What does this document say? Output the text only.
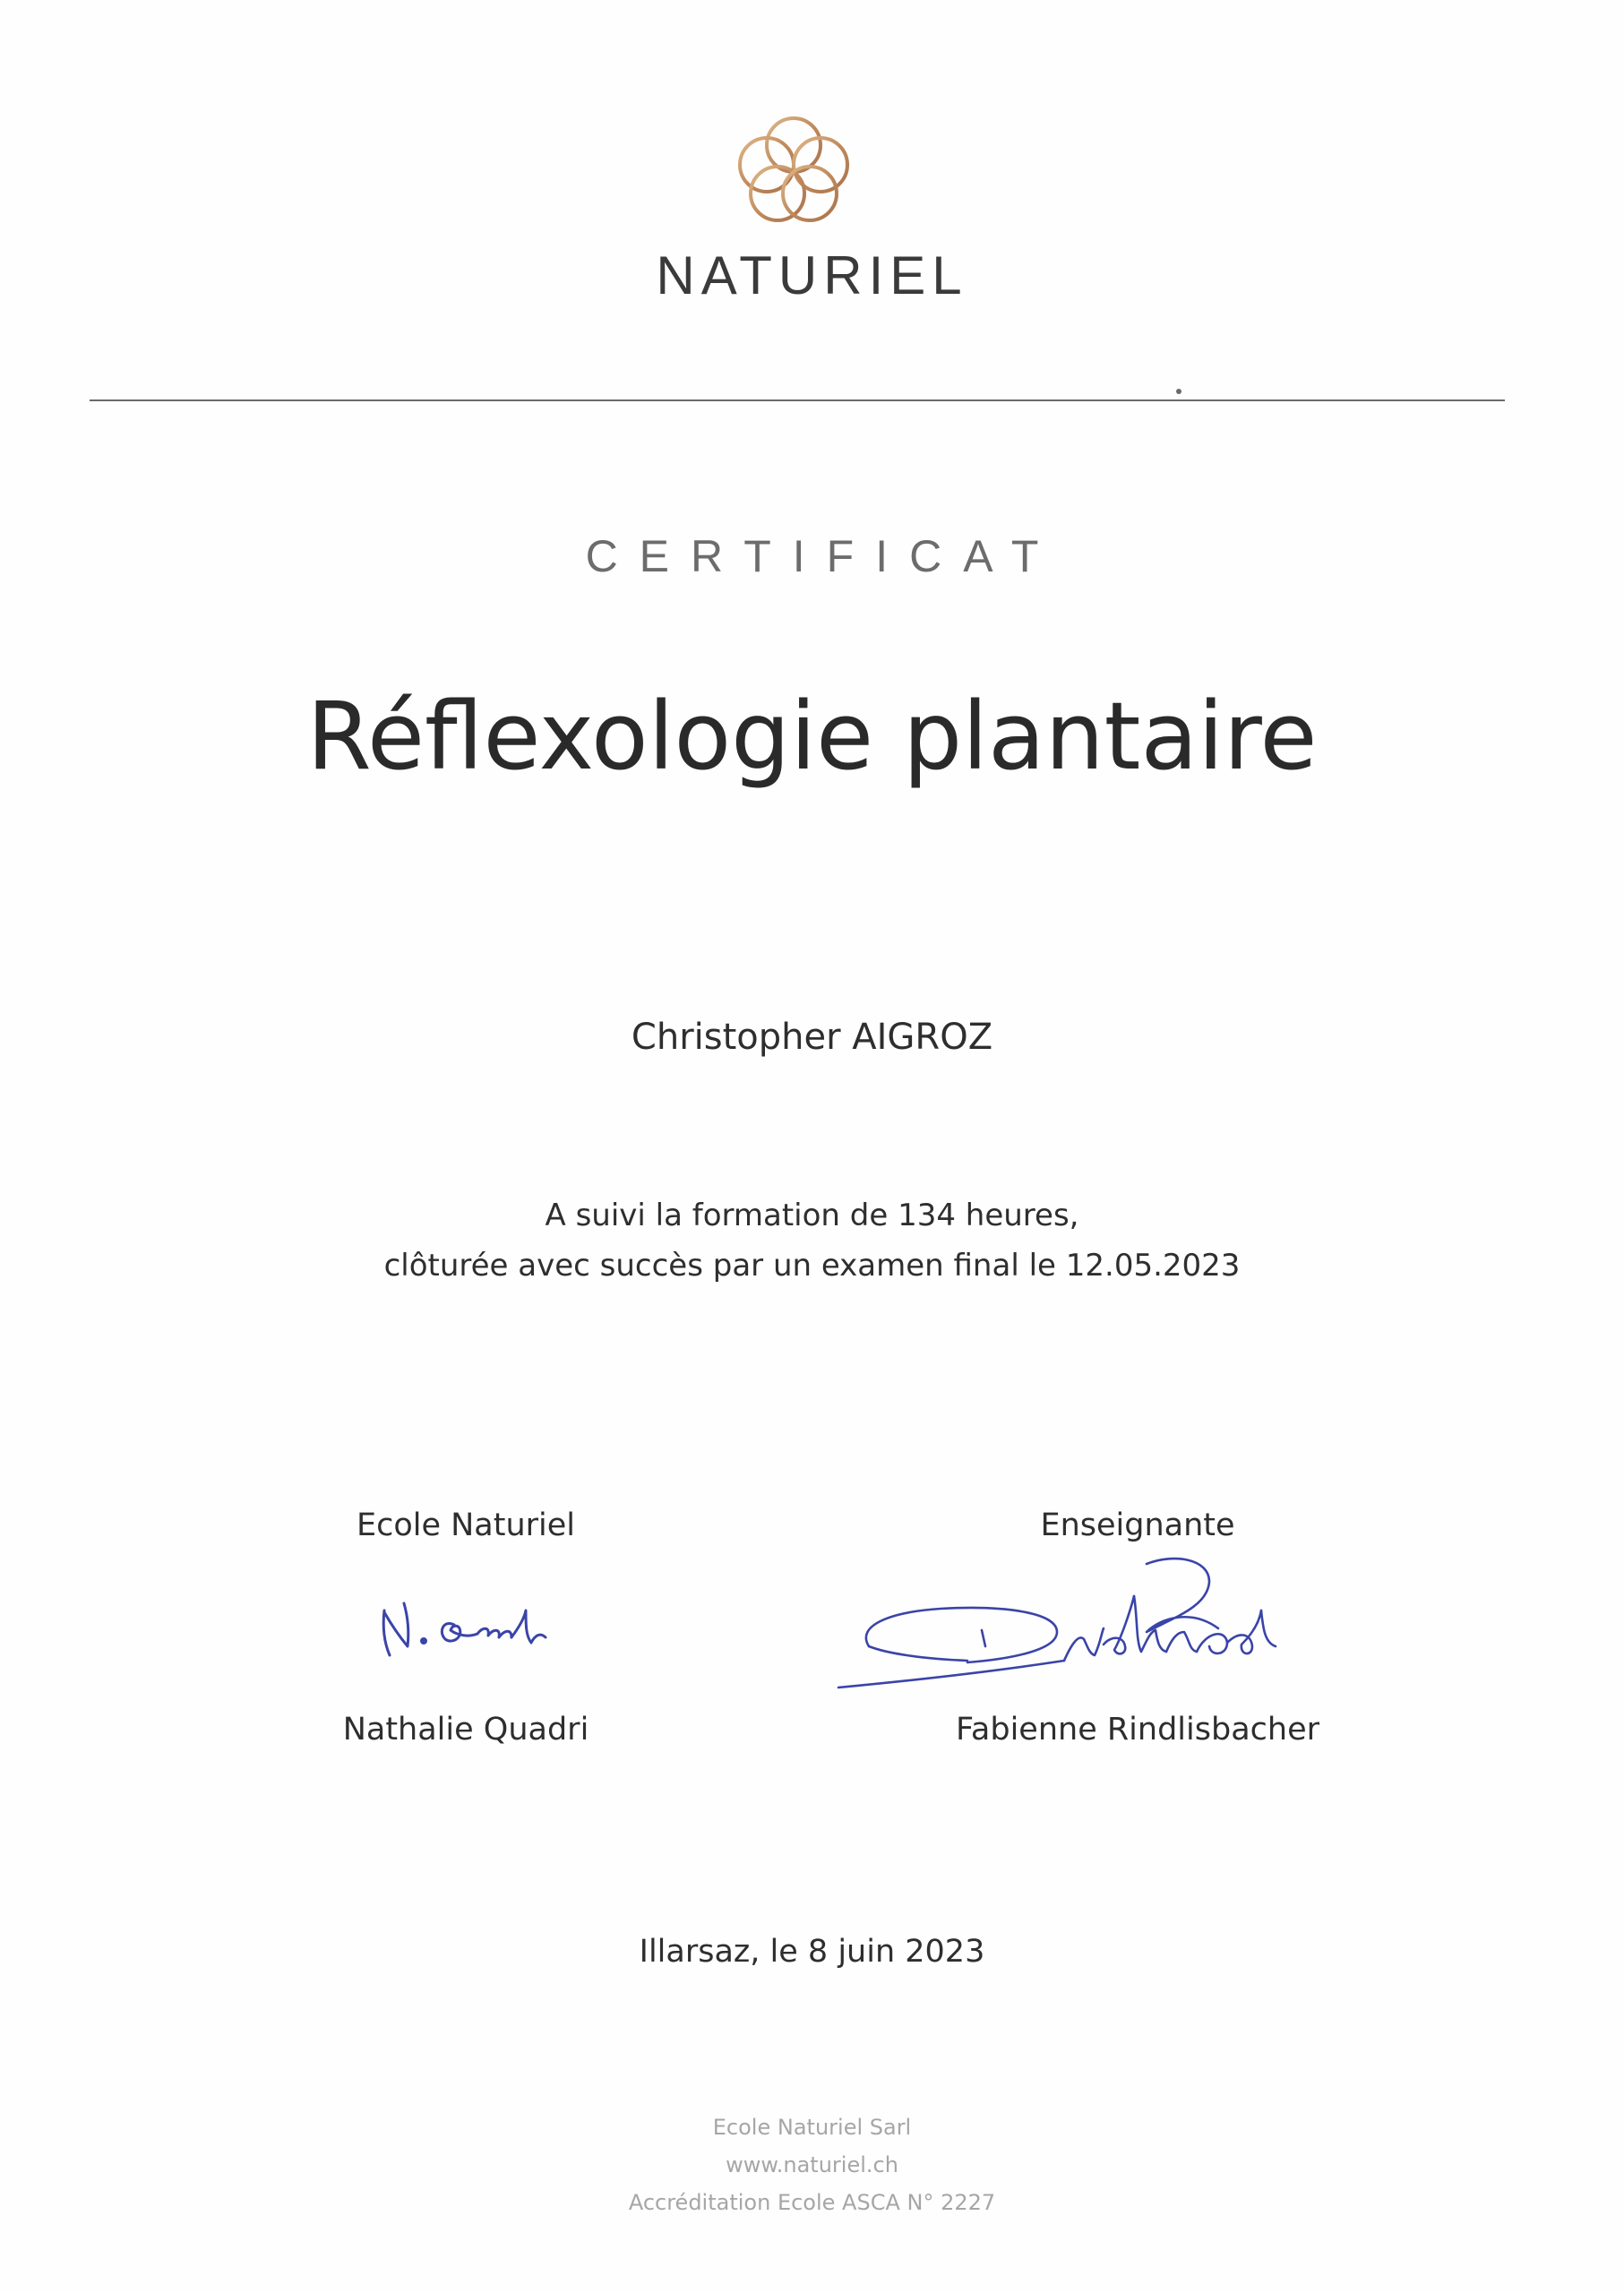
NATURIEL
CERTIFICAT
Réflexologie plantaire
Christopher AIGROZ
A suivi la formation de 134 heures,
clôturée avec succès par un examen final le 12.05.2023
Ecole Naturiel
Nathalie Quadri
Enseignante
Fabienne Rindlisbacher
Illarsaz, le 8 juin 2023
Ecole Naturiel Sarl
www.naturiel.ch
Accréditation Ecole ASCA N° 2227
